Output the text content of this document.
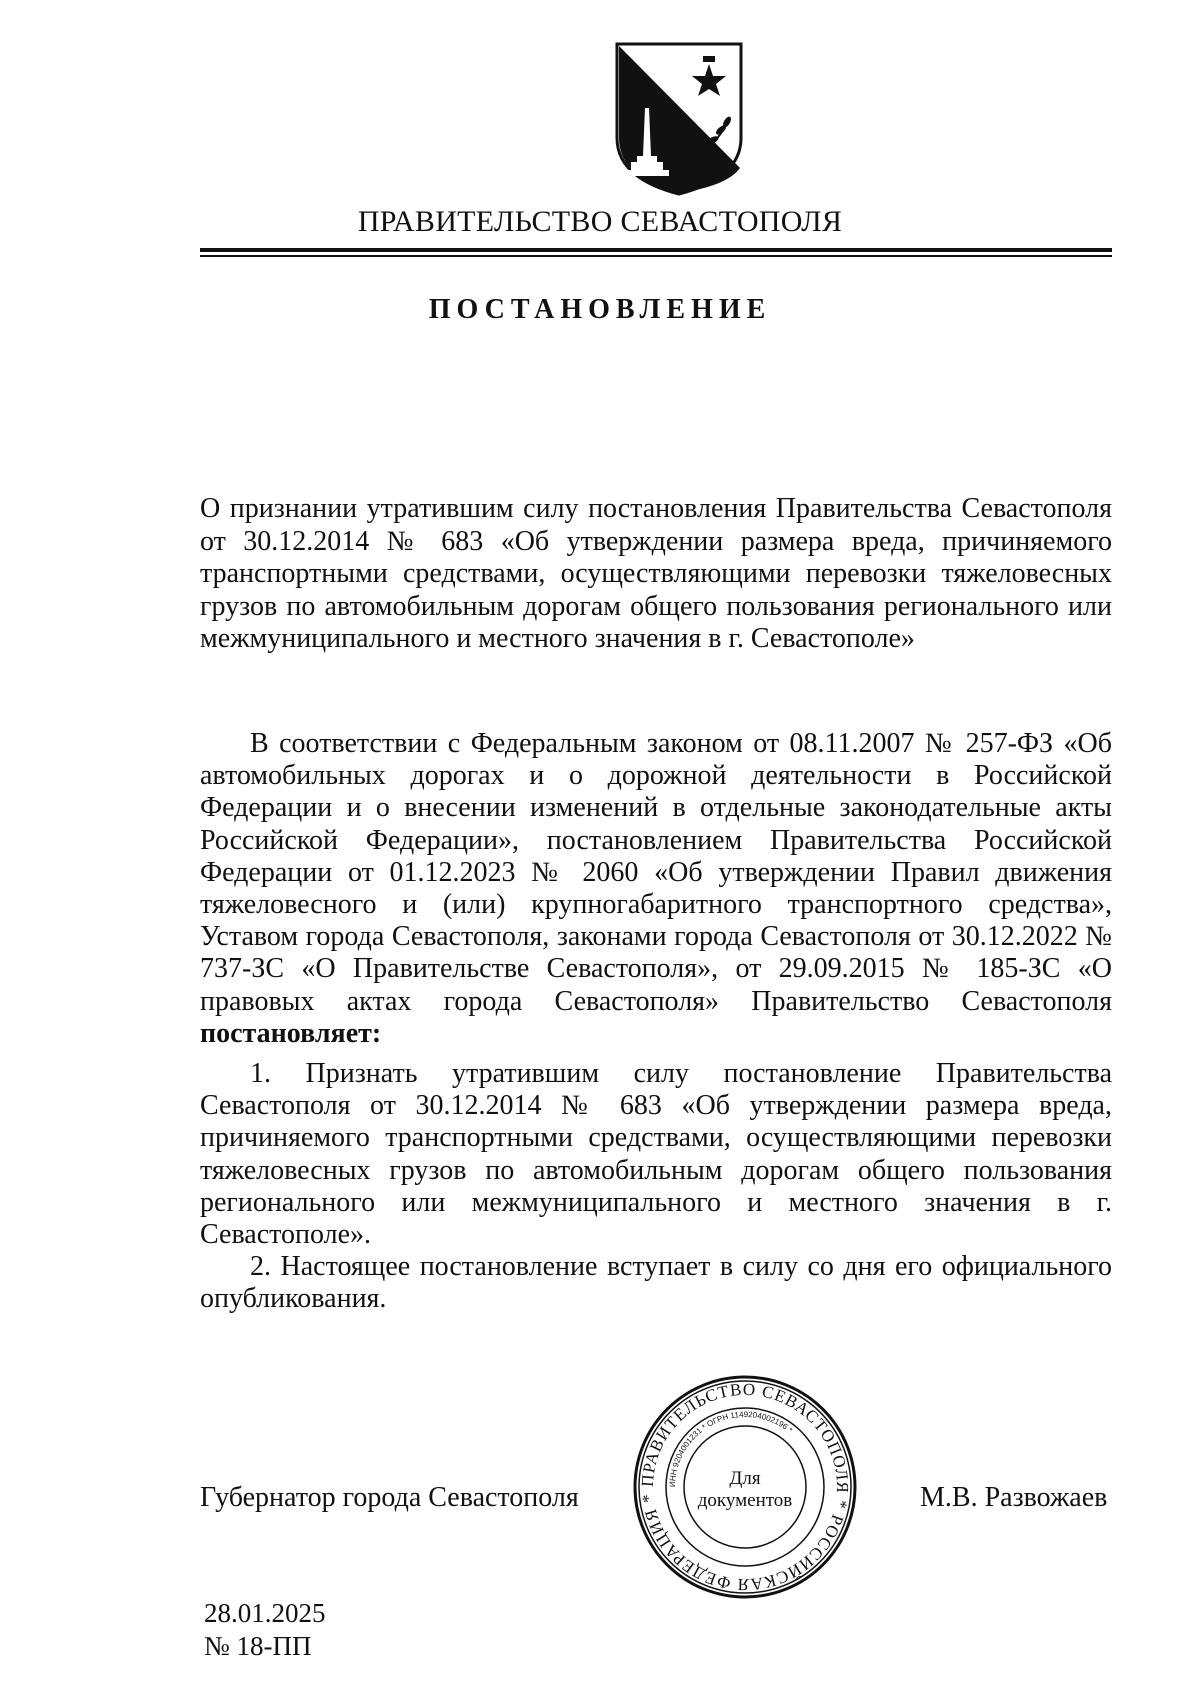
ПРАВИТЕЛЬСТВО СЕВАСТОПОЛЯ
ПОСТАНОВЛЕНИЕ
О признании утратившим силу постановления Правительства Севастополя от 30.12.2014 № 683 «Об утверждении размера вреда, причиняемого транспортными средствами, осуществляющими перевозки тяжеловесных грузов по автомобильным дорогам общего пользования регионального или межмуниципального и местного значения в г. Севастополе»
В соответствии с Федеральным законом от 08.11.2007 № 257-ФЗ «Об автомобильных дорогах и о дорожной деятельности в Российской Федерации и о внесении изменений в отдельные законодательные акты Российской Федерации», постановлением Правительства Российской Федерации от 01.12.2023 № 2060 «Об утверждении Правил движения тяжеловесного и (или) крупногабаритного транспортного средства», Уставом города Севастополя, законами города Севастополя от 30.12.2022 № 737-ЗС «О Правительстве Севастополя», от 29.09.2015 № 185-ЗС «О правовых актах города Севастополя» Правительство Севастополя постановляет:

1. Признать утратившим силу постановление Правительства Севастополя от 30.12.2014 № 683 «Об утверждении размера вреда, причиняемого транспортными средствами, осуществляющими перевозки тяжеловесных грузов по автомобильным дорогам общего пользования регионального или межмуниципального и местного значения в г. Севастополе».

2. Настоящее постановление вступает в силу со дня его официального опубликования.

Губернатор города Севастополя
ПРАВИТЕЛЬСТВО СЕВАСТОПОЛЯ * РОССИЙСКАЯ ФЕДЕРАЦИЯ *
ИНН 9204001231 * ОГРН 1149204002196 *
Для
документов	М.В. Развожаев
28.01.2025
№ 18-ПП
